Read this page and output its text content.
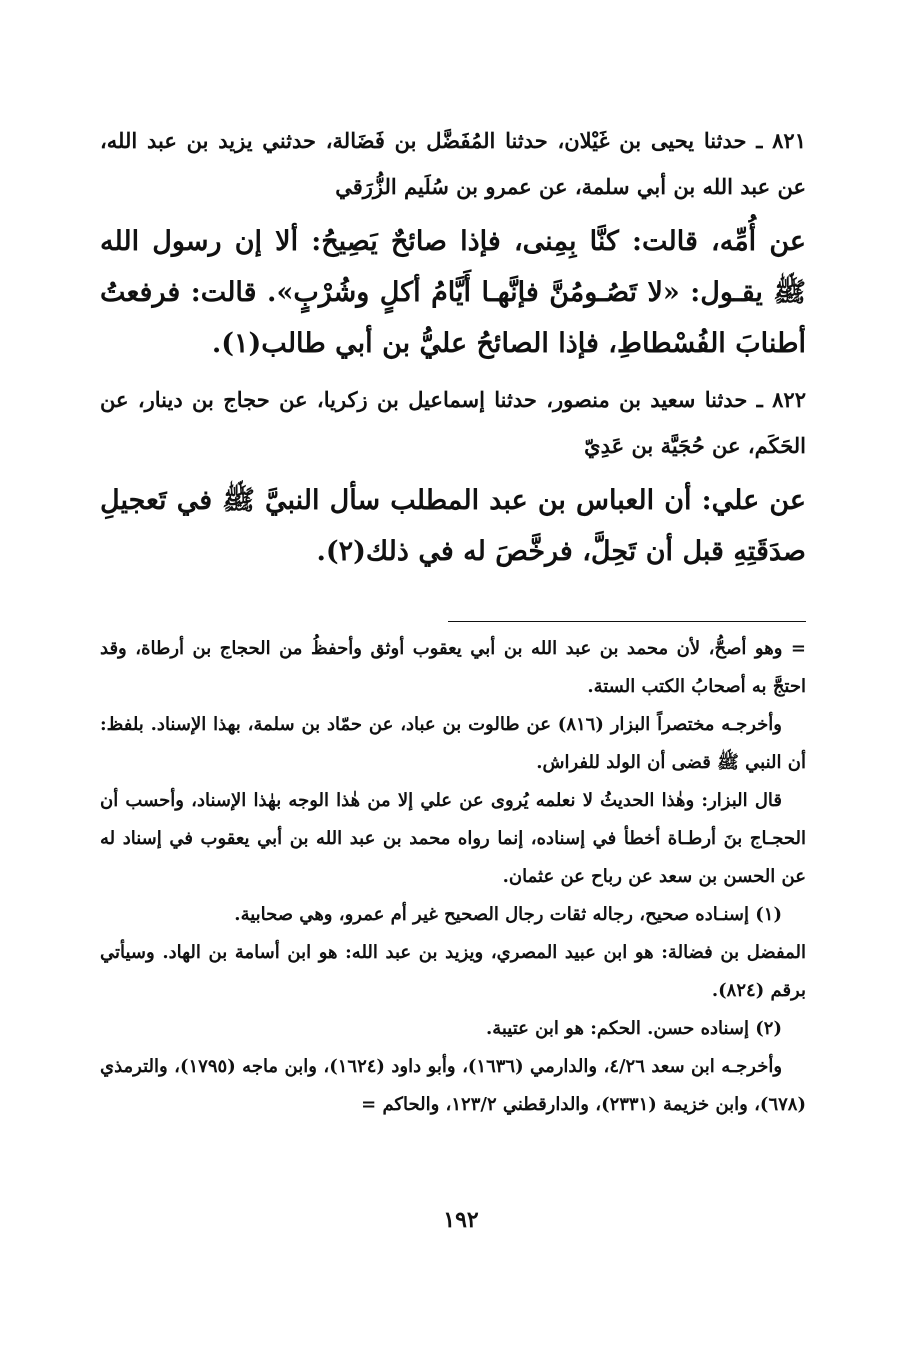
٨٢١ ـ حدثنا يحيى بن غَيْلان، حدثنا المُفَضَّل بن فَضَالة، حدثني يزيد بن عبد الله، عن عبد الله بن أبي سلمة، عن عمرو بن سُلَيم الزُّرَقي

عن أُمِّه، قالت: كنَّا بِمِنى، فإذا صائحٌ يَصِيحُ: ألا إن رسول الله ﷺ يقـول: «لا تَصُـومُنَّ فإنَّهـا أَيَّامُ أكلٍ وشُرْبٍ». قالت: فرفعتُ أطنابَ الفُسْطاطِ، فإذا الصائحُ عليُّ بن أبي طالب(١).

٨٢٢ ـ حدثنا سعيد بن منصور، حدثنا إسماعيل بن زكريا، عن حجاج بن دينار، عن الحَكَم، عن حُجَيَّة بن عَدِيّ

عن علي: أن العباس بن عبد المطلب سأل النبيَّ ﷺ في تَعجيلِ صدَقَتِهِ قبل أن تَحِلَّ، فرخَّصَ له في ذلك(٢).

= وهو أصحُّ، لأن محمد بن عبد الله بن أبي يعقوب أوثق وأحفظُ من الحجاج بن أرطاة، وقد احتجَّ به أصحابُ الكتب الستة.

وأخرجـه مختصراً البزار (٨١٦) عن طالوت بن عباد، عن حمّاد بن سلمة، بهذا الإسناد. بلفظ: أن النبي ﷺ قضى أن الولد للفراش.

قال البزار: وهٰذا الحديثُ لا نعلمه يُروى عن علي إلا من هٰذا الوجه بهٰذا الإسناد، وأحسب أن الحجـاج بنَ أرطـاة أخطأ في إسناده، إنما رواه محمد بن عبد الله بن أبي يعقوب في إسناد له عن الحسن بن سعد عن رباح عن عثمان.

(١) إسنـاده صحيح، رجاله ثقات رجال الصحيح غير أم عمرو، وهي صحابية.

المفضل بن فضالة: هو ابن عبيد المصري، ويزيد بن عبد الله: هو ابن أسامة بن الهاد. وسيأتي برقم (٨٢٤).

(٢) إسناده حسن. الحكم: هو ابن عتيبة.

وأخرجـه ابن سعد ٤/٢٦، والدارمي (١٦٣٦)، وأبو داود (١٦٢٤)، وابن ماجه (١٧٩٥)، والترمذي (٦٧٨)، وابن خزيمة (٢٣٣١)، والدارقطني ١٢٣/٢، والحاكم =

١٩٢
